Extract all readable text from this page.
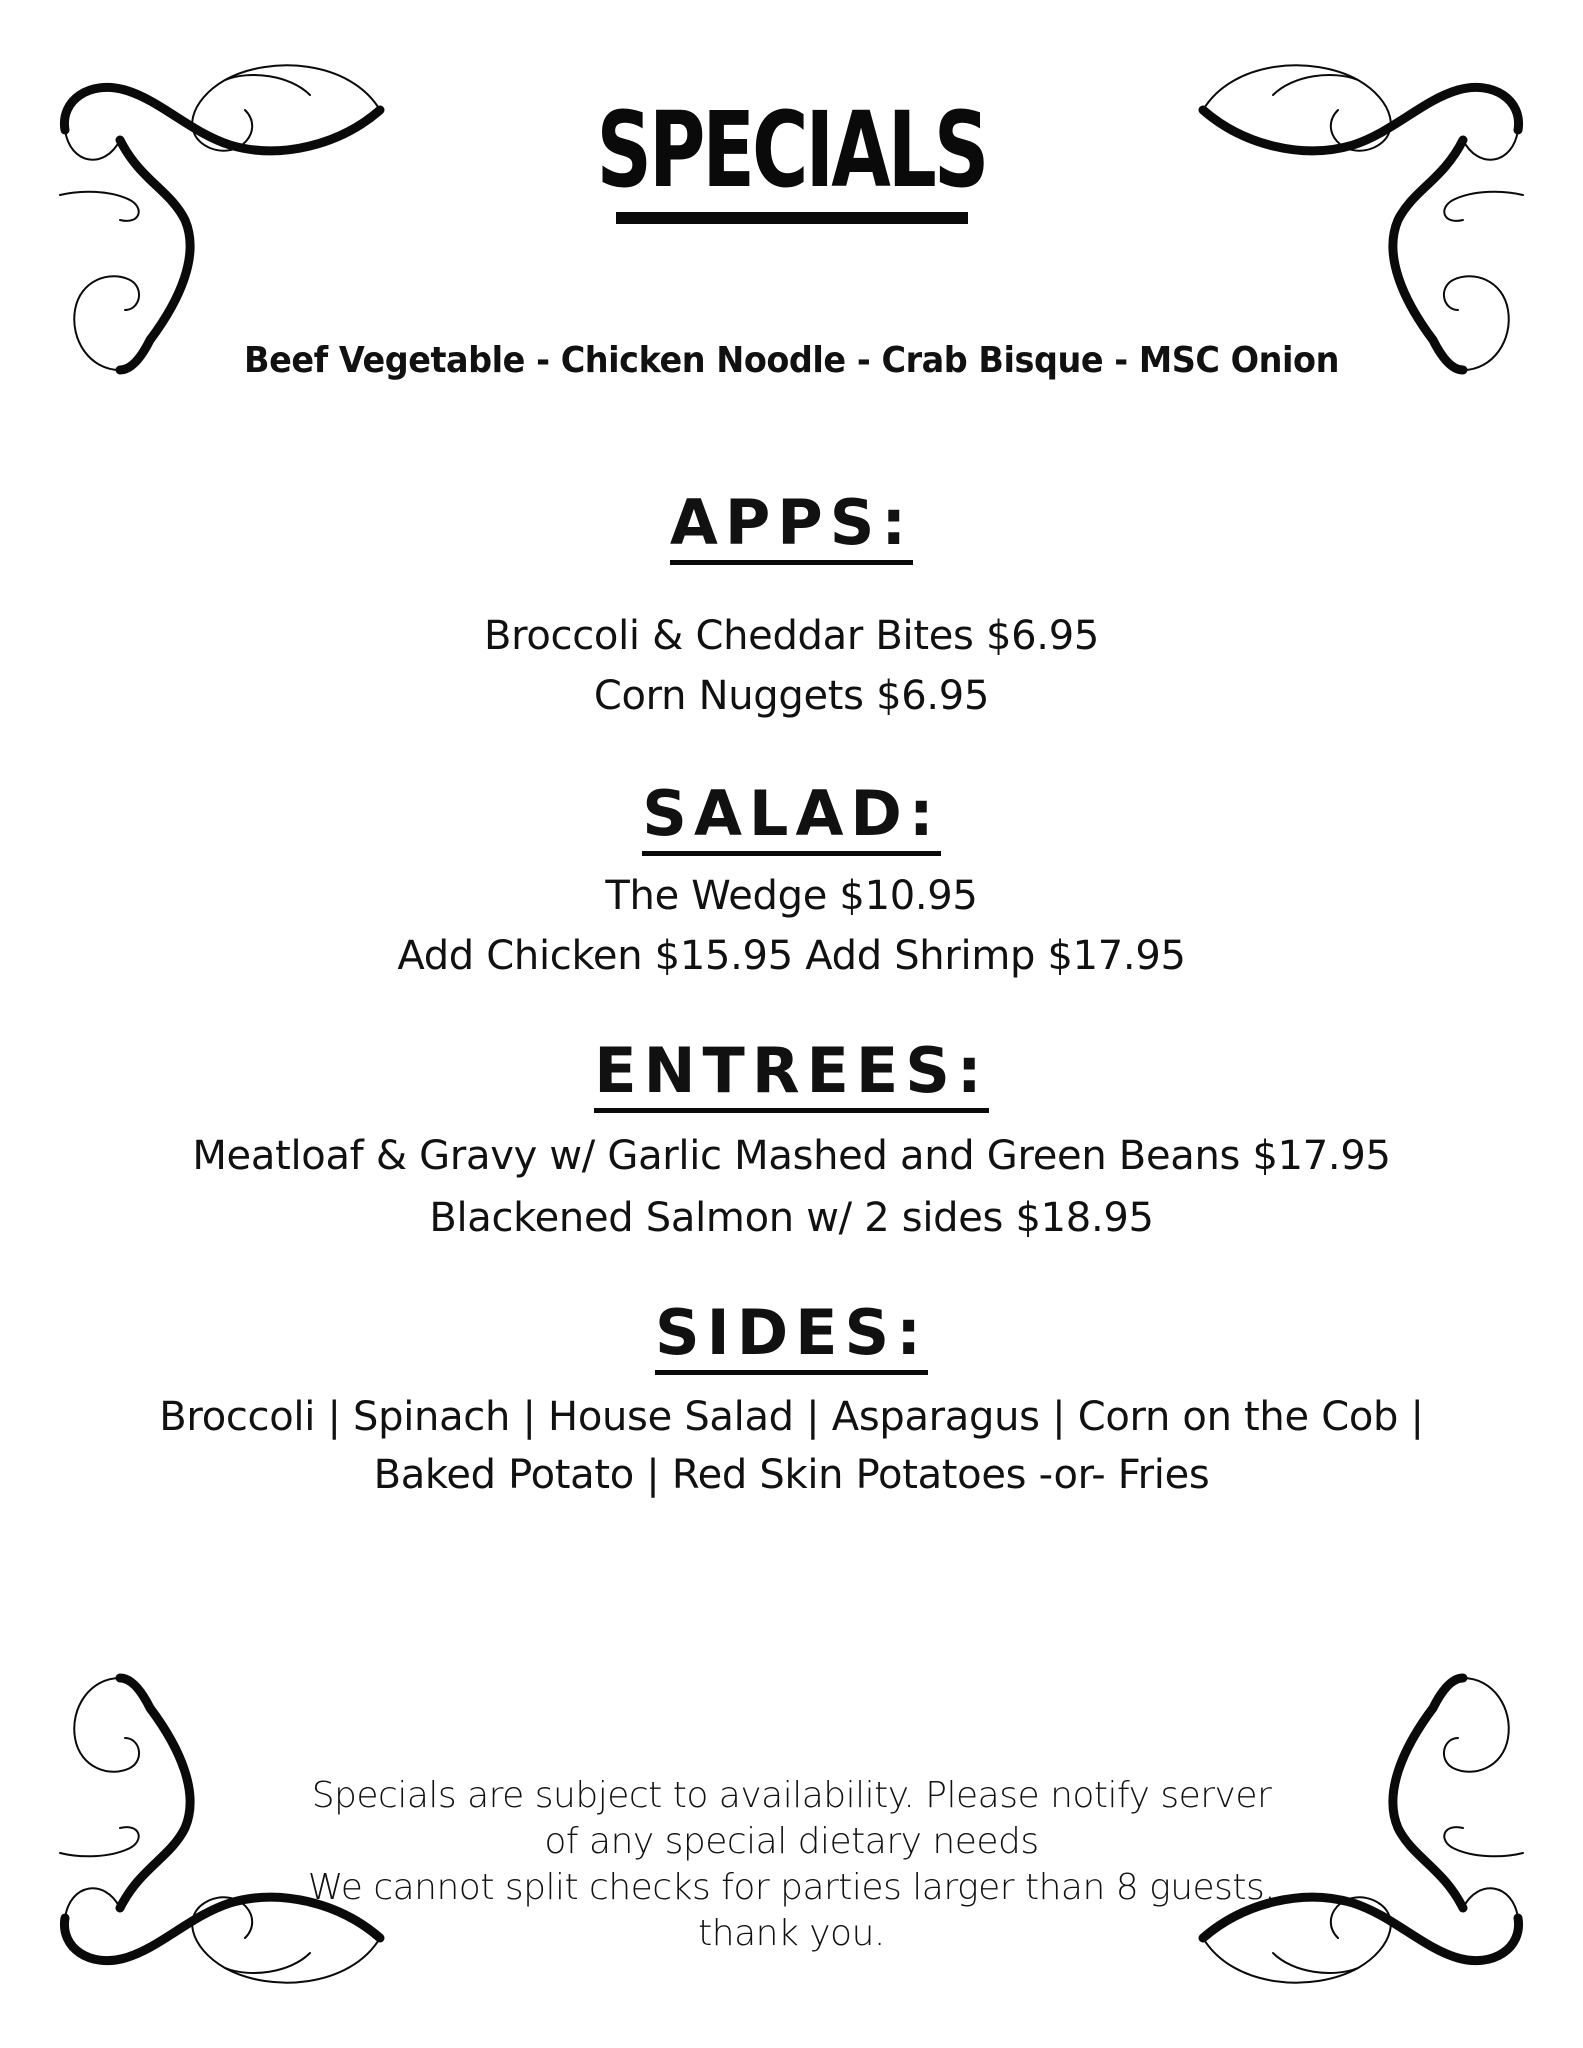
SPECIALS
Beef Vegetable - Chicken Noodle - Crab Bisque - MSC Onion
APPS:
Broccoli & Cheddar Bites $6.95
Corn Nuggets $6.95
SALAD:
The Wedge $10.95
Add Chicken $15.95 Add Shrimp $17.95
ENTREES:
Meatloaf & Gravy w/ Garlic Mashed and Green Beans $17.95
Blackened Salmon w/ 2 sides $18.95
SIDES:
Broccoli | Spinach | House Salad | Asparagus | Corn on the Cob |
Baked Potato | Red Skin Potatoes -or- Fries
Specials are subject to availability. Please notify server
of any special dietary needs
We cannot split checks for parties larger than 8 guests,
thank you.
